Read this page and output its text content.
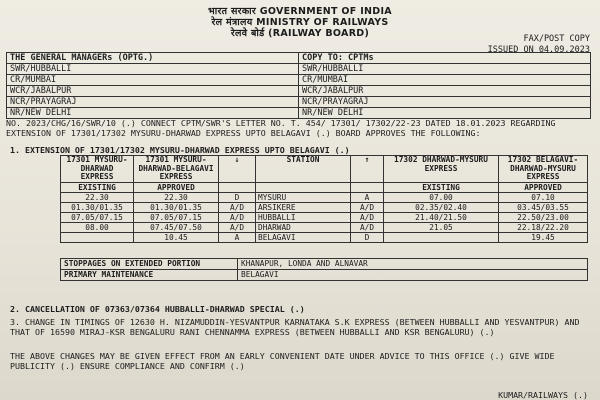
भारत सरकार GOVERNMENT OF INDIA
रेल मंत्रालय MINISTRY OF RAILWAYS
रेलवे बोर्ड (RAILWAY BOARD)	FAX/POST COPY
ISSUED ON 04.09.2023
THE GENERAL MANAGERs (OPTG.)	COPY TO: CPTMs
SWR/HUBBALLI	SWR/HUBBALLI
CR/MUMBAI	CR/MUMBAI
WCR/JABALPUR	WCR/JABALPUR
NCR/PRAYAGRAJ	NCR/PRAYAGRAJ
NR/NEW DELHI	NR/NEW DELHI
NO. 2023/CHG/16/SWR/10 (.) CONNECT CPTM/SWR'S LETTER NO. T. 454/ 17301/ 17302/22-23 DATED 18.01.2023 REGARDING EXTENSION OF 17301/17302 MYSURU-DHARWAD EXPRESS UPTO BELAGAVI (.) BOARD APPROVES THE FOLLOWING:
1. EXTENSION OF 17301/17302 MYSURU-DHARWAD EXPRESS UPTO BELAGAVI (.)
17301 MYSURU-DHARWAD EXPRESS	17301 MYSURU-DHARWAD-BELAGAVI EXPRESS	↓	STATION	↑	17302 DHARWAD-MYSURU EXPRESS	17302 BELAGAVI-DHARWAD-MYSURU EXPRESS
EXISTING	APPROVED				EXISTING	APPROVED
22.30	22.30	D	MYSURU	A	07.00	07.10
01.30/01.35	01.30/01.35	A/D	ARSIKERE	A/D	02.35/02.40	03.45/03.55
07.05/07.15	07.05/07.15	A/D	HUBBALLI	A/D	21.40/21.50	22.50/23.00
08.00	07.45/07.50	A/D	DHARWAD	A/D	21.05	22.18/22.20
	10.45	A	BELAGAVI	D		19.45
STOPPAGES ON EXTENDED PORTION	KHANAPUR, LONDA AND ALNAVAR
PRIMARY MAINTENANCE	BELAGAVI
2. CANCELLATION OF 07363/07364 HUBBALLI-DHARWAD SPECIAL (.)
3. CHANGE IN TIMINGS OF 12630 H. NIZAMUDDIN-YESVANTPUR KARNATAKA S.K EXPRESS (BETWEEN HUBBALLI AND YESVANTPUR) AND THAT OF 16590 MIRAJ-KSR BENGALURU RANI CHENNAMMA EXPRESS (BETWEEN HUBBALLI AND KSR BENGALURU) (.)
THE ABOVE CHANGES MAY BE GIVEN EFFECT FROM AN EARLY CONVENIENT DATE UNDER ADVICE TO THIS OFFICE (.) GIVE WIDE PUBLICITY (.) ENSURE COMPLIANCE AND CONFIRM (.)
KUMAR/RAILWAYS (.)
